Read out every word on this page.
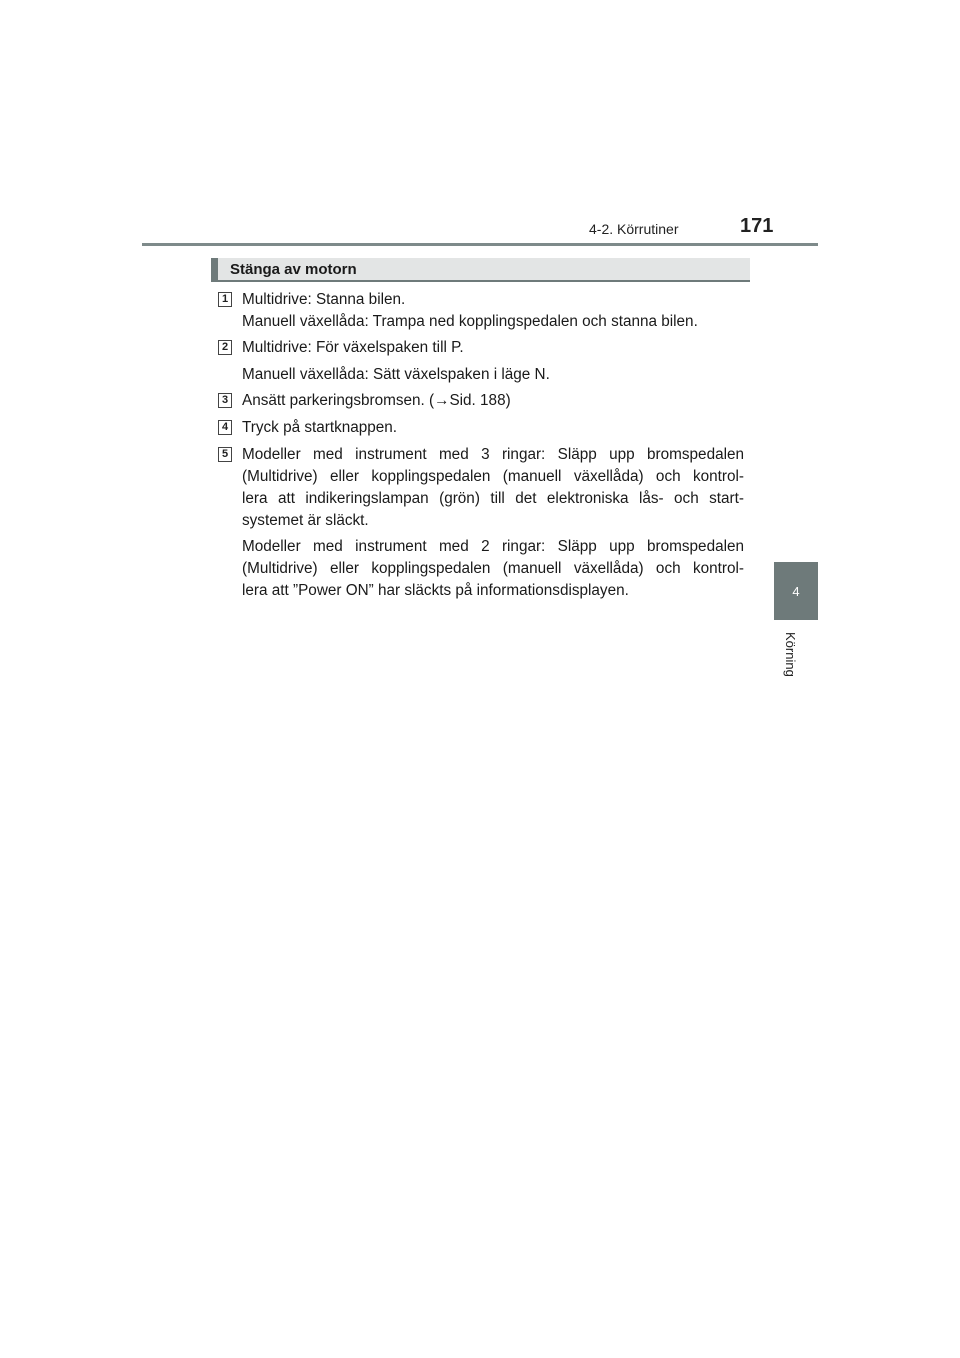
4-2. Körrutiner	171
4
Körning
Stänga av motorn
1 Multidrive: Stanna bilen.
Manuell växellåda: Trampa ned kopplingspedalen och stanna bilen.
2 Multidrive: För växelspaken till P.
Manuell växellåda: Sätt växelspaken i läge N.
3 Ansätt parkeringsbromsen. (→Sid. 188)
4 Tryck på startknappen.
5 Modeller med instrument med 3 ringar: Släpp upp bromspedalen
(Multidrive) eller kopplingspedalen (manuell växellåda) och kontrol-
lera att indikeringslampan (grön) till det elektroniska lås- och start-
systemet är släckt.
Modeller med instrument med 2 ringar: Släpp upp bromspedalen
(Multidrive) eller kopplingspedalen (manuell växellåda) och kontrol-
lera att ”Power ON” har släckts på informationsdisplayen.
